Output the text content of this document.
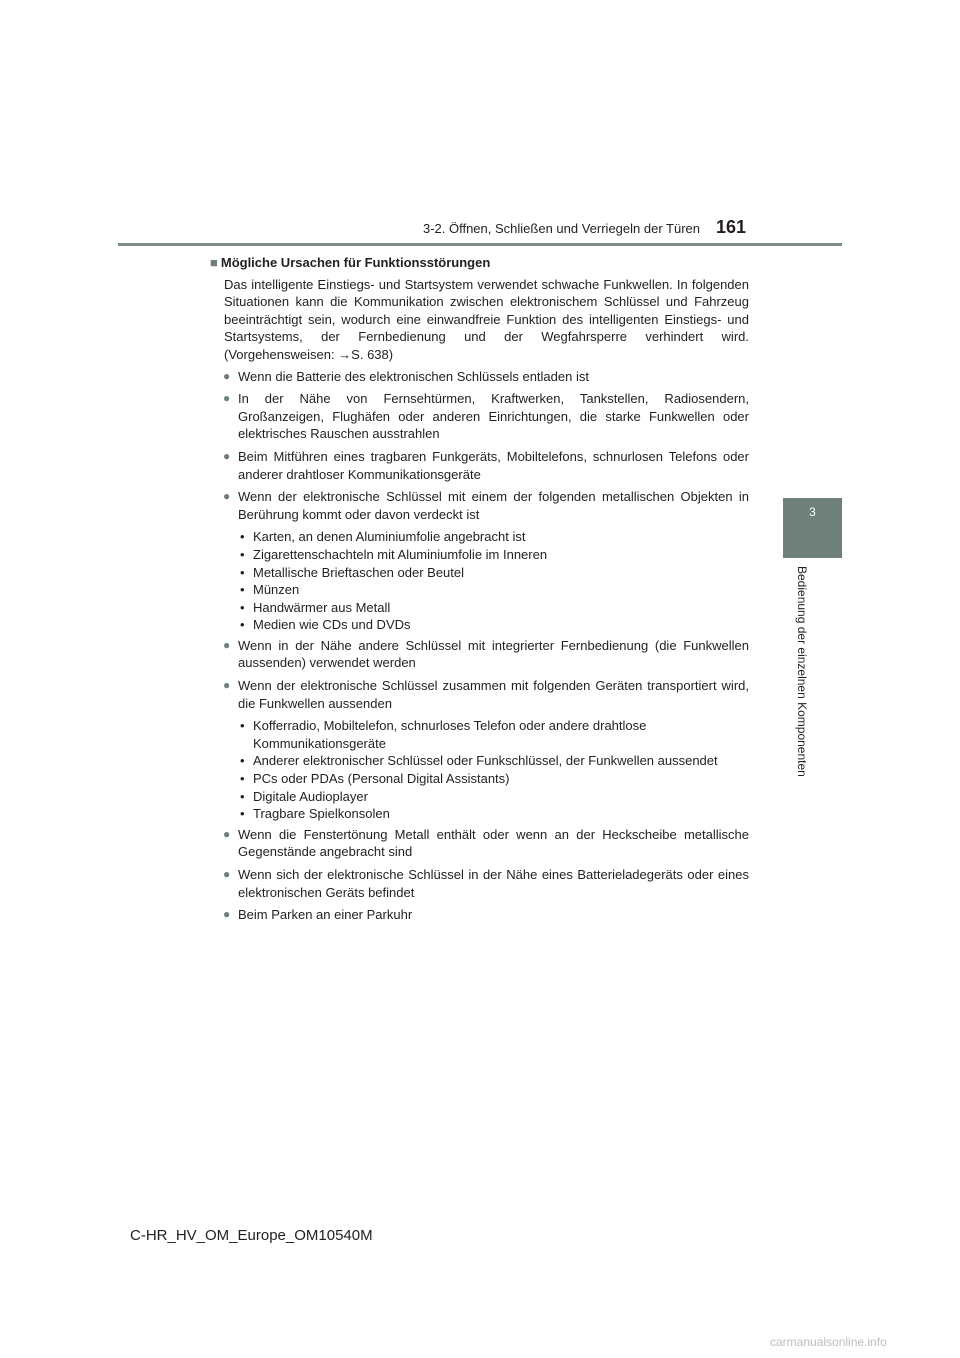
3-2. Öffnen, Schließen und Verriegeln der Türen 161
3
Bedienung der einzelnen Komponenten
■ Mögliche Ursachen für Funktionsstörungen

Das intelligente Einstiegs- und Startsystem verwendet schwache Funkwellen. In folgenden Situationen kann die Kommunikation zwischen elektronischem Schlüssel und Fahrzeug beeinträchtigt sein, wodurch eine einwandfreie Funktion des intelligenten Einstiegs- und Startsystems, der Fernbedienung und der Wegfahrsperre verhindert wird. (Vorgehensweisen: →S. 638)

● Wenn die Batterie des elektronischen Schlüssels entladen ist
● In der Nähe von Fernsehtürmen, Kraftwerken, Tankstellen, Radiosendern, Großanzeigen, Flughäfen oder anderen Einrichtungen, die starke Funkwellen oder elektrisches Rauschen ausstrahlen
● Beim Mitführen eines tragbaren Funkgeräts, Mobiltelefons, schnurlosen Telefons oder anderer drahtloser Kommunikationsgeräte
● Wenn der elektronische Schlüssel mit einem der folgenden metallischen Objekten in Berührung kommt oder davon verdeckt ist
• Karten, an denen Aluminiumfolie angebracht ist
• Zigarettenschachteln mit Aluminiumfolie im Inneren
• Metallische Brieftaschen oder Beutel
• Münzen
• Handwärmer aus Metall
• Medien wie CDs und DVDs
● Wenn in der Nähe andere Schlüssel mit integrierter Fernbedienung (die Funkwellen aussenden) verwendet werden
● Wenn der elektronische Schlüssel zusammen mit folgenden Geräten transportiert wird, die Funkwellen aussenden
• Kofferradio, Mobiltelefon, schnurloses Telefon oder andere drahtlose Kommunikationsgeräte
• Anderer elektronischer Schlüssel oder Funkschlüssel, der Funkwellen aussendet
• PCs oder PDAs (Personal Digital Assistants)
• Digitale Audioplayer
• Tragbare Spielkonsolen
● Wenn die Fenstertönung Metall enthält oder wenn an der Heckscheibe metallische Gegenstände angebracht sind
● Wenn sich der elektronische Schlüssel in der Nähe eines Batterieladegeräts oder eines elektronischen Geräts befindet
● Beim Parken an einer Parkuhr
C-HR_HV_OM_Europe_OM10540M
carmanualsonline.info
